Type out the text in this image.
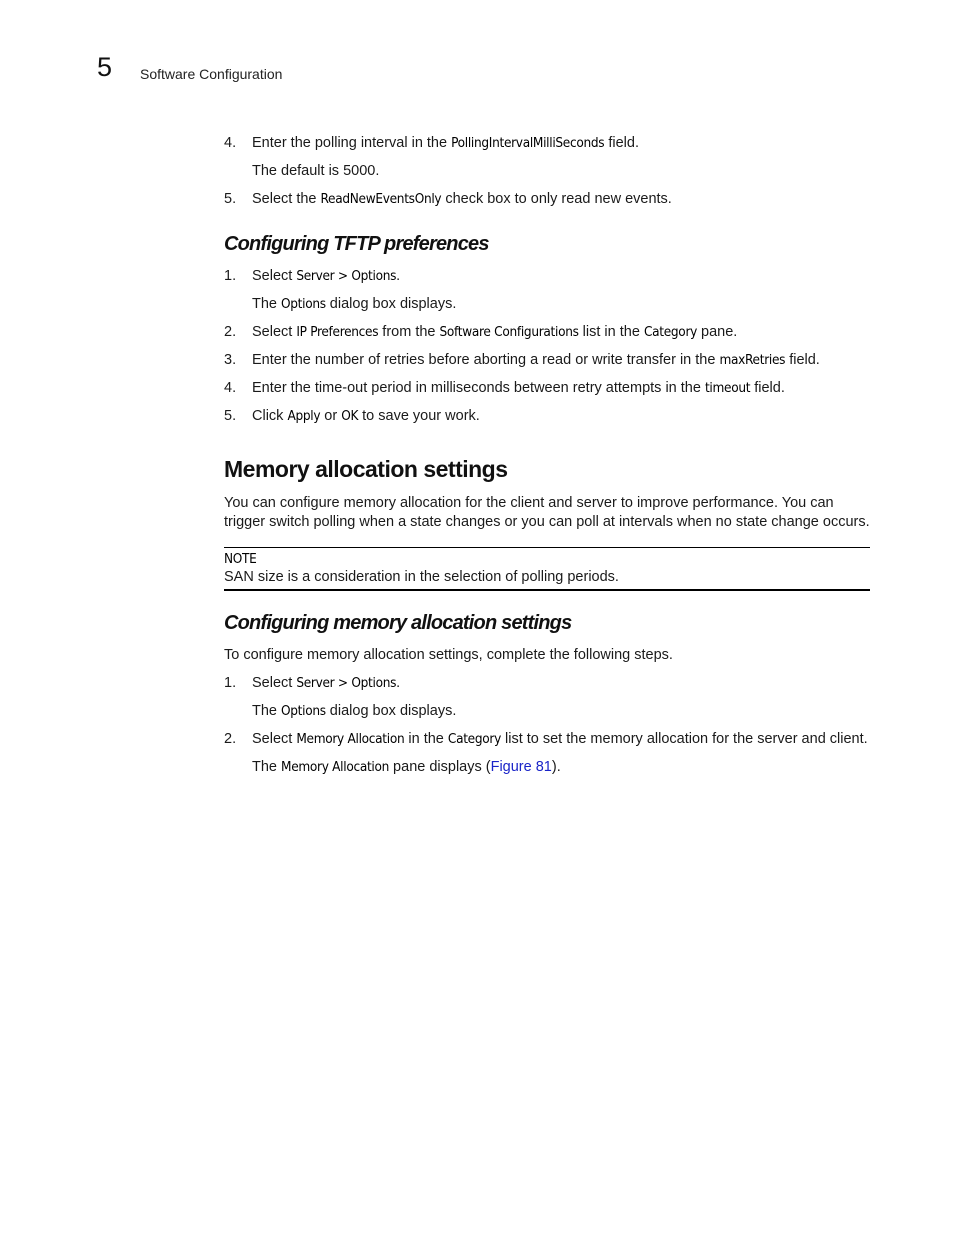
5 Software Configuration
4. Enter the polling interval in the PollingIntervalMilliSeconds field.
The default is 5000.
5. Select the ReadNewEventsOnly check box to only read new events.
Configuring TFTP preferences
1. Select Server > Options.
The Options dialog box displays.
2. Select IP Preferences from the Software Configurations list in the Category pane.
3. Enter the number of retries before aborting a read or write transfer in the maxRetries field.
4. Enter the time-out period in milliseconds between retry attempts in the timeout field.
5. Click Apply or OK to save your work.
Memory allocation settings

You can configure memory allocation for the client and server to improve performance. You can trigger switch polling when a state changes or you can poll at intervals when no state change occurs.

NOTE
SAN size is a consideration in the selection of polling periods.
Configuring memory allocation settings

To configure memory allocation settings, complete the following steps.

1. Select Server > Options.
The Options dialog box displays.
2. Select Memory Allocation in the Category list to set the memory allocation for the server and client.
The Memory Allocation pane displays (Figure 81).
